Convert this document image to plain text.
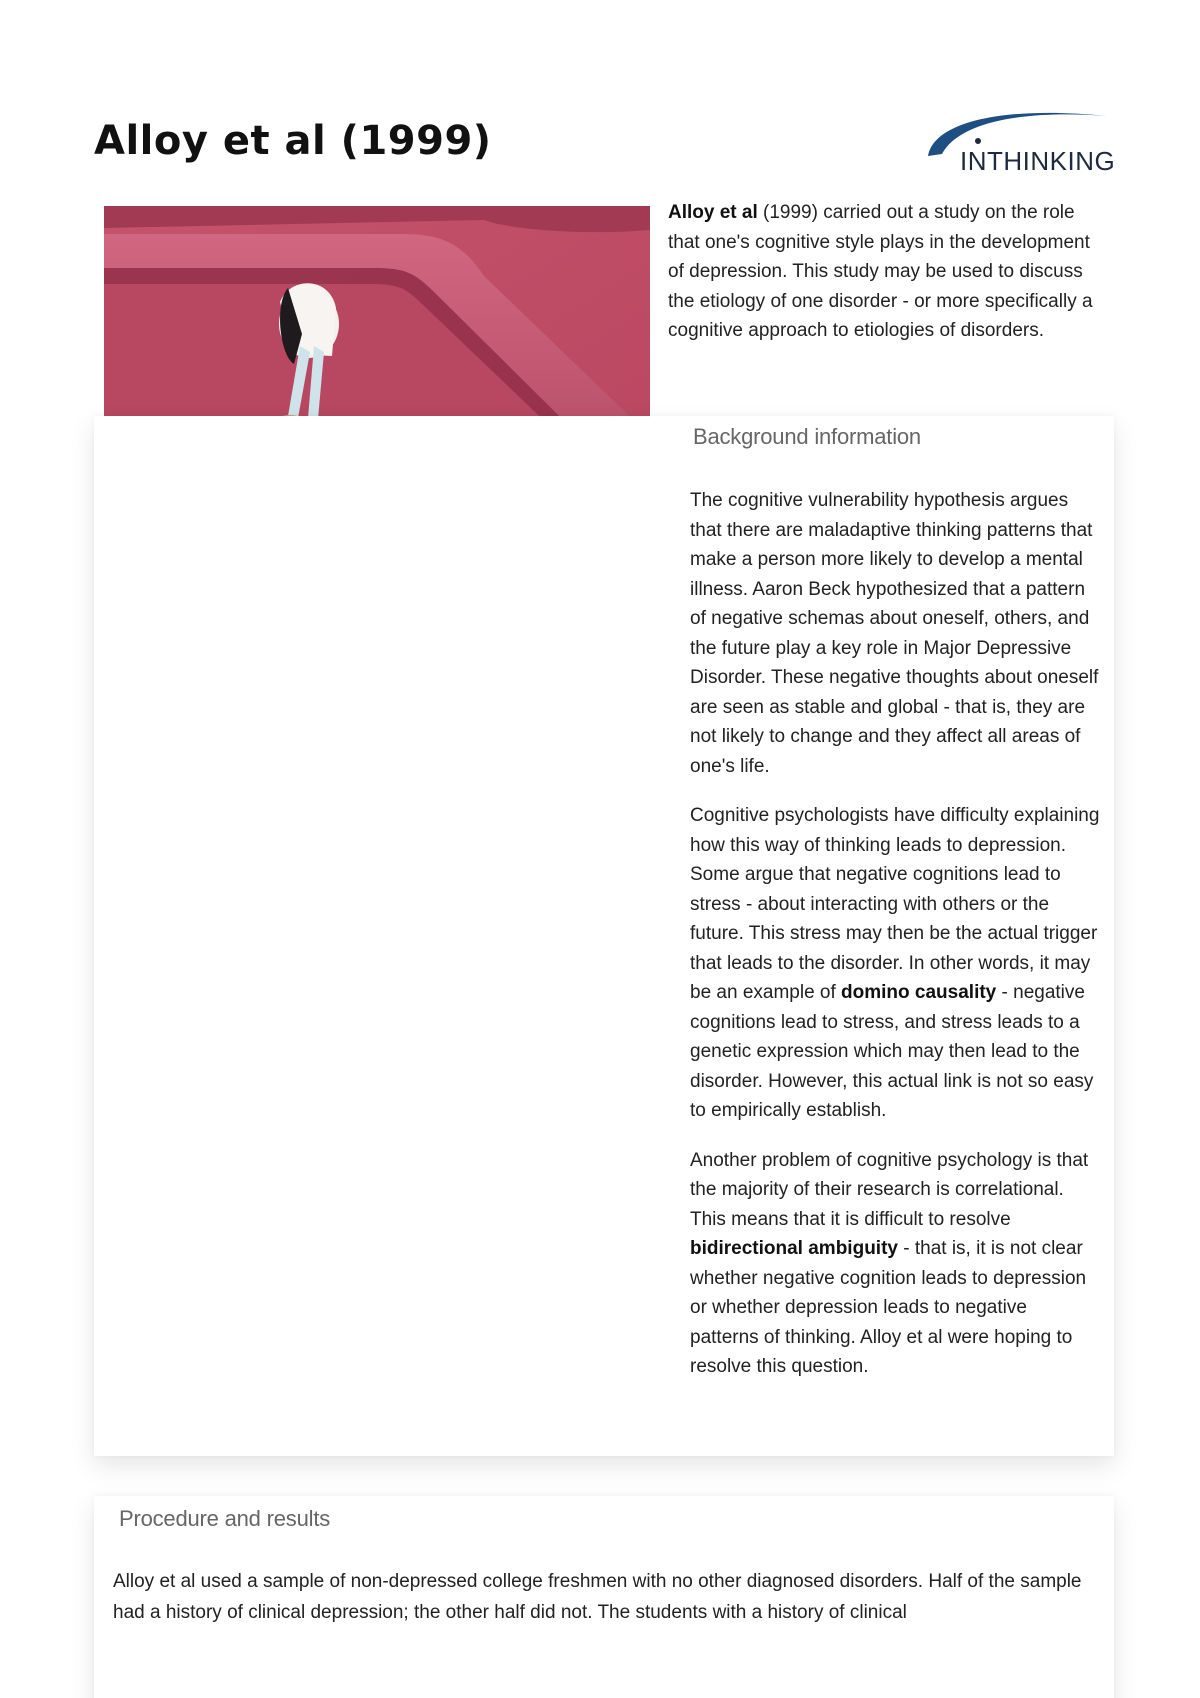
Alloy et al (1999)	INTHINKING
Alloy et al (1999) carried out a study on the role that one's cognitive style plays in the development of depression. This study may be used to discuss the etiology of one disorder - or more specifically a cognitive approach to etiologies of disorders.
Background information

The cognitive vulnerability hypothesis argues that there are maladaptive thinking patterns that make a person more likely to develop a mental illness. Aaron Beck hypothesized that a pattern of negative schemas about oneself, others, and the future play a key role in Major Depressive Disorder. These negative thoughts about oneself are seen as stable and global - that is, they are not likely to change and they affect all areas of one's life.

Cognitive psychologists have difficulty explaining how this way of thinking leads to depression. Some argue that negative cognitions lead to stress - about interacting with others or the future. This stress may then be the actual trigger that leads to the disorder. In other words, it may be an example of domino causality - negative cognitions lead to stress, and stress leads to a genetic expression which may then lead to the disorder. However, this actual link is not so easy to empirically establish.

Another problem of cognitive psychology is that the majority of their research is correlational. This means that it is difficult to resolve bidirectional ambiguity - that is, it is not clear whether negative cognition leads to depression or whether depression leads to negative patterns of thinking. Alloy et al were hoping to resolve this question.

Procedure and results

Alloy et al used a sample of non-depressed college freshmen with no other diagnosed disorders. Half of the sample had a history of clinical depression; the other half did not. The students with a history of clinical
